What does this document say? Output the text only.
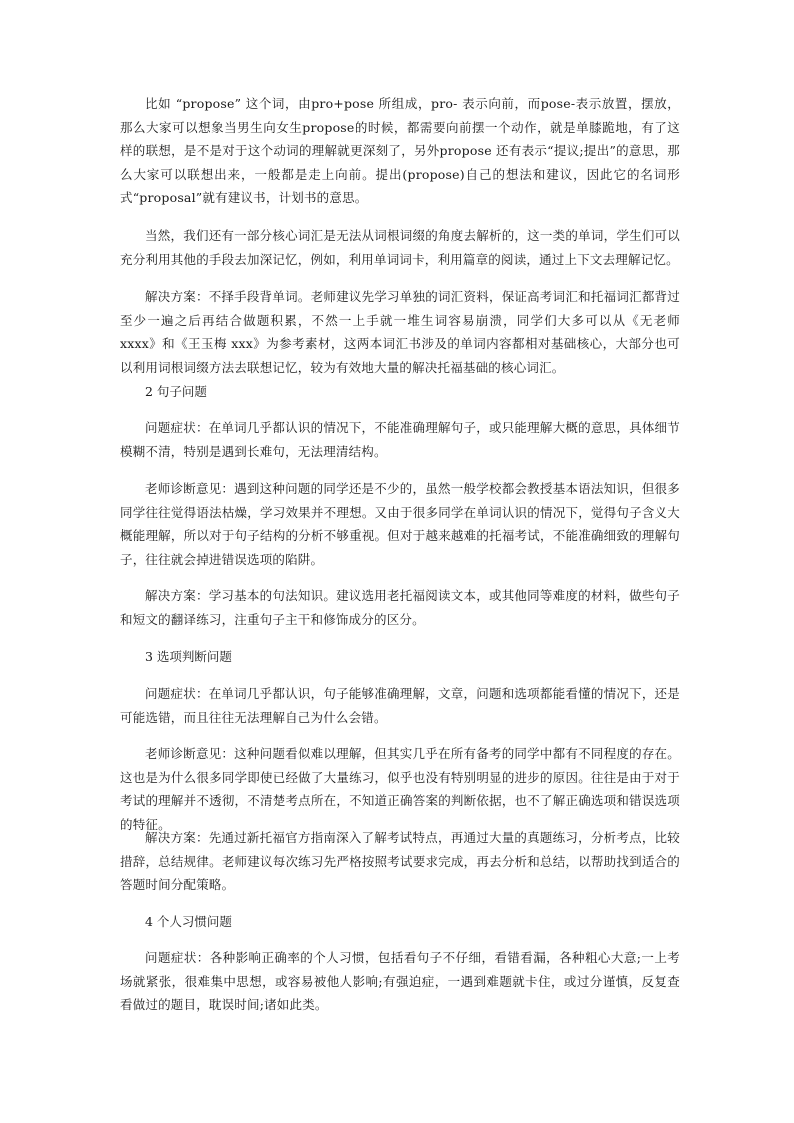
比如 “propose” 这个词，由pro+pose 所组成，pro- 表示向前，而pose-表示放置，摆放， 那么大家可以想象当男生向女生propose的时候，都需要向前摆一个动作，就是单膝跪地，有了这样的联想，是不是对于这个动词的理解就更深刻了，另外propose 还有表示“提议;提出”的意思，那么大家可以联想出来，一般都是走上向前。提出(propose)自己的想法和建议，因此它的名词形式“proposal”就有建议书，计划书的意思。

当然，我们还有一部分核心词汇是无法从词根词缀的角度去解析的，这一类的单词，学生们可以充分利用其他的手段去加深记忆，例如，利用单词词卡，利用篇章的阅读，通过上下文去理解记忆。

解决方案：不择手段背单词。老师建议先学习单独的词汇资料，保证高考词汇和托福词汇都背过至少一遍之后再结合做题积累，不然一上手就一堆生词容易崩溃，同学们大多可以从《无老师 xxxx》和《王玉梅 xxx》为参考素材，这两本词汇书涉及的单词内容都相对基础核心，大部分也可以利用词根词缀方法去联想记忆，较为有效地大量的解决托福基础的核心词汇。

2 句子问题

问题症状：在单词几乎都认识的情况下，不能准确理解句子，或只能理解大概的意思，具体细节模糊不清，特别是遇到长难句，无法理清结构。

老师诊断意见：遇到这种问题的同学还是不少的，虽然一般学校都会教授基本语法知识，但很多同学往往觉得语法枯燥，学习效果并不理想。又由于很多同学在单词认识的情况下，觉得句子含义大概能理解，所以对于句子结构的分析不够重视。但对于越来越难的托福考试，不能准确细致的理解句子，往往就会掉进错误选项的陷阱。

解决方案：学习基本的句法知识。建议选用老托福阅读文本，或其他同等难度的材料，做些句子和短文的翻译练习，注重句子主干和修饰成分的区分。

3 选项判断问题

问题症状：在单词几乎都认识，句子能够准确理解，文章，问题和选项都能看懂的情况下，还是可能选错，而且往往无法理解自己为什么会错。

老师诊断意见：这种问题看似难以理解，但其实几乎在所有备考的同学中都有不同程度的存在。这也是为什么很多同学即使已经做了大量练习，似乎也没有特别明显的进步的原因。往往是由于对于考试的理解并不透彻，不清楚考点所在，不知道正确答案的判断依据，也不了解正确选项和错误选项的特征。

解决方案：先通过新托福官方指南深入了解考试特点，再通过大量的真题练习，分析考点，比较措辞，总结规律。老师建议每次练习先严格按照考试要求完成，再去分析和总结，以帮助找到适合的答题时间分配策略。

4 个人习惯问题

问题症状：各种影响正确率的个人习惯，包括看句子不仔细，看错看漏，各种粗心大意;一上考场就紧张，很难集中思想，或容易被他人影响;有强迫症，一遇到难题就卡住，或过分谨慎，反复查看做过的题目，耽误时间;诸如此类。
